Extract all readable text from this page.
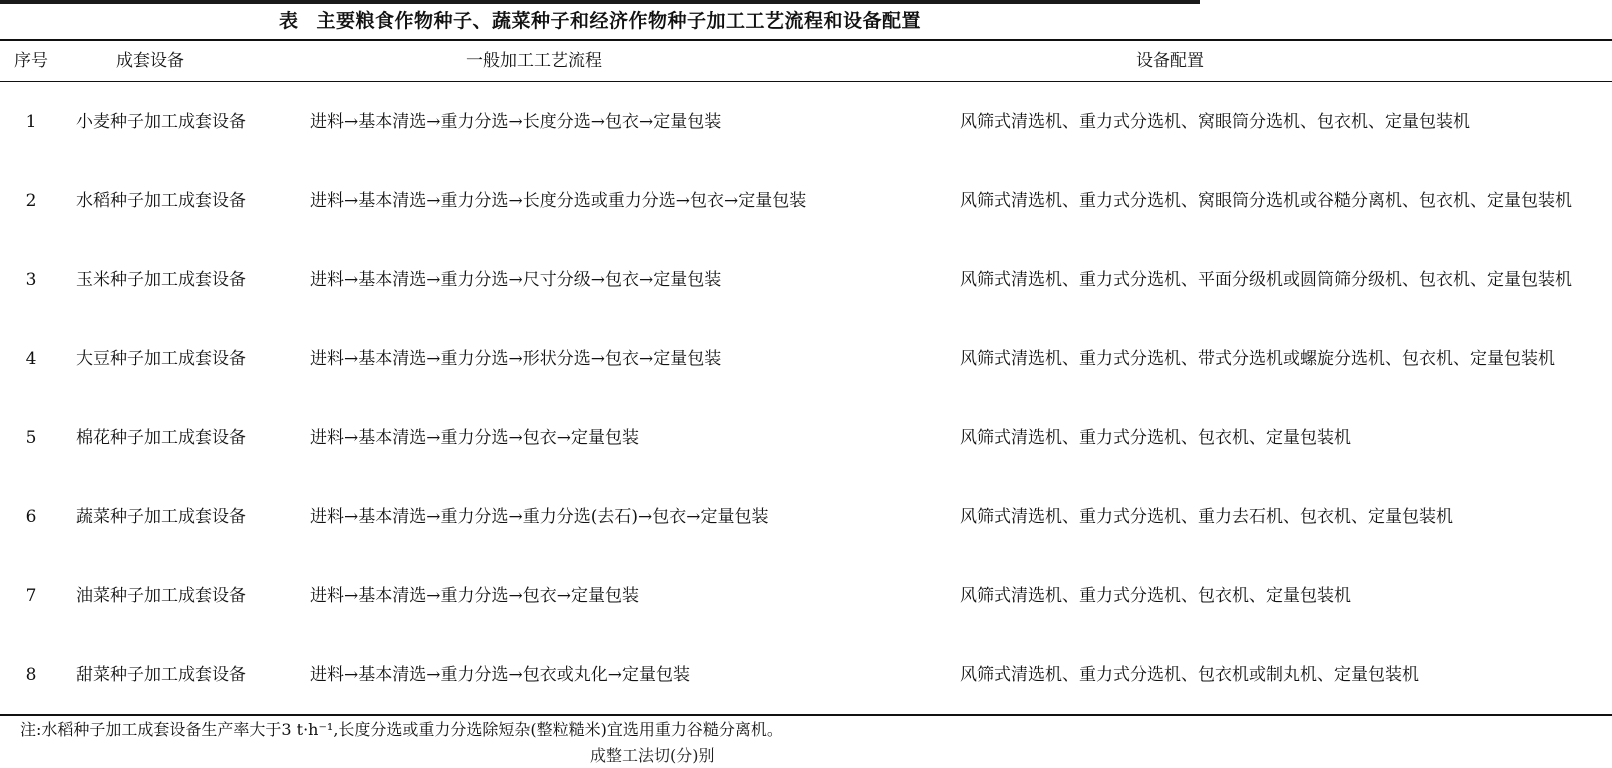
表 主要粮食作物种子、蔬菜种子和经济作物种子加工工艺流程和设备配置
序号	成套设备	一般加工工艺流程	设备配置
1	小麦种子加工成套设备	进料→基本清选→重力分选→长度分选→包衣→定量包装	风筛式清选机、重力式分选机、窝眼筒分选机、包衣机、定量包装机
2	水稻种子加工成套设备	进料→基本清选→重力分选→长度分选或重力分选→包衣→定量包装	风筛式清选机、重力式分选机、窝眼筒分选机或谷糙分离机、包衣机、定量包装机
3	玉米种子加工成套设备	进料→基本清选→重力分选→尺寸分级→包衣→定量包装	风筛式清选机、重力式分选机、平面分级机或圆筒筛分级机、包衣机、定量包装机
4	大豆种子加工成套设备	进料→基本清选→重力分选→形状分选→包衣→定量包装	风筛式清选机、重力式分选机、带式分选机或螺旋分选机、包衣机、定量包装机
5	棉花种子加工成套设备	进料→基本清选→重力分选→包衣→定量包装	风筛式清选机、重力式分选机、包衣机、定量包装机
6	蔬菜种子加工成套设备	进料→基本清选→重力分选→重力分选(去石)→包衣→定量包装	风筛式清选机、重力式分选机、重力去石机、包衣机、定量包装机
7	油菜种子加工成套设备	进料→基本清选→重力分选→包衣→定量包装	风筛式清选机、重力式分选机、包衣机、定量包装机
8	甜菜种子加工成套设备	进料→基本清选→重力分选→包衣或丸化→定量包装	风筛式清选机、重力式分选机、包衣机或制丸机、定量包装机
注:水稻种子加工成套设备生产率大于3 t·h⁻¹,长度分选或重力分选除短杂(整粒糙米)宜选用重力谷糙分离机。
成整工法切(分)别
